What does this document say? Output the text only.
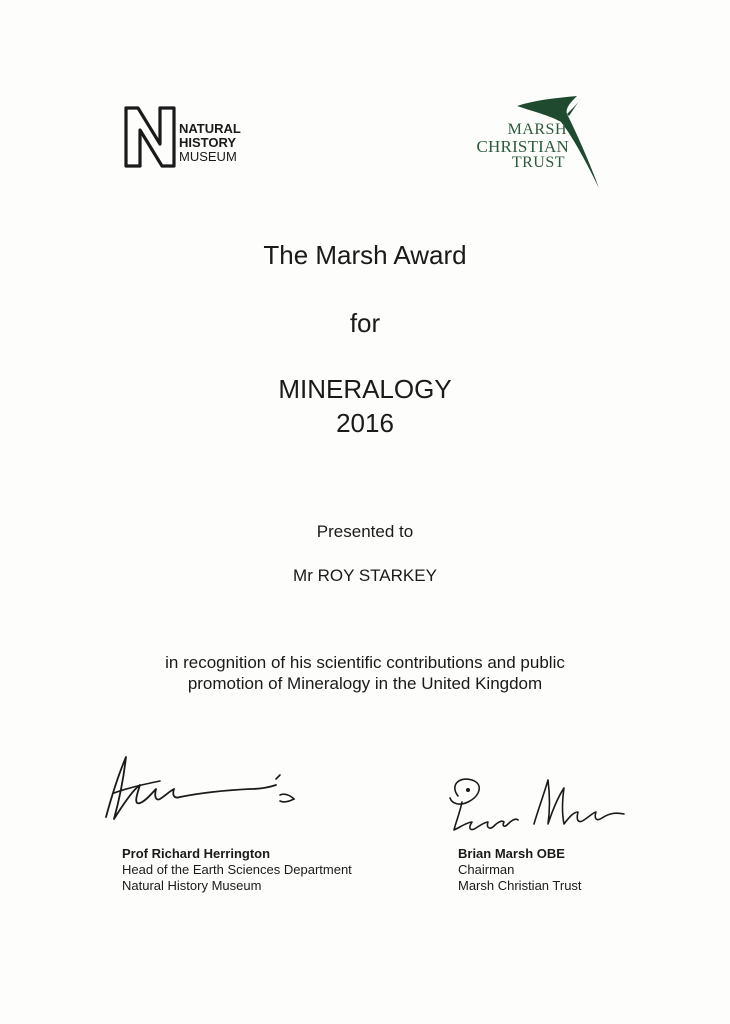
NATURAL
HISTORY
MUSEUM
MARSH
CHRISTIAN
TRUST
The Marsh Award
for
MINERALOGY
2016
Presented to
Mr ROY STARKEY
in recognition of his scientific contributions and public
promotion of Mineralogy in the United Kingdom
Prof Richard Herrington
Head of the Earth Sciences Department
Natural History Museum
Brian Marsh OBE
Chairman
Marsh Christian Trust
